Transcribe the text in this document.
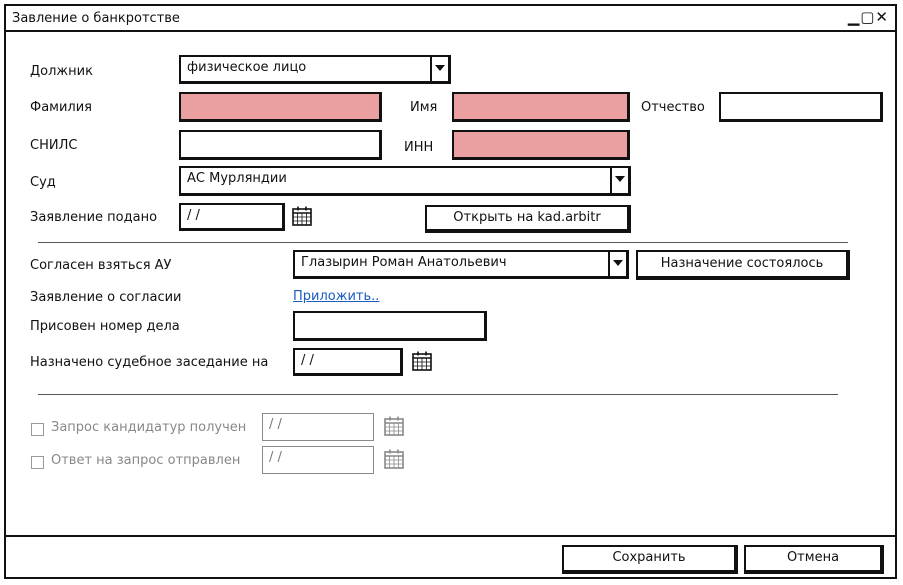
Завление о банкротстве	▁▢✕
Должник	физическое лицо
Фамилия	Имя	Отчество
СНИЛС	ИНН
Суд	АС Мурляндии
Заявление подано	/ /	Открыть на kad.arbitr
Согласен взяться АУ	Глазырин Роман Анатольевич	Назначение состоялось
Заявление о согласии	Приложить..
Присовен номер дела
Назначено судебное заседание на	/ /
Запрос кандидатур получен	/ /
Ответ на запрос отправлен	/ /
Сохранить	Отмена
